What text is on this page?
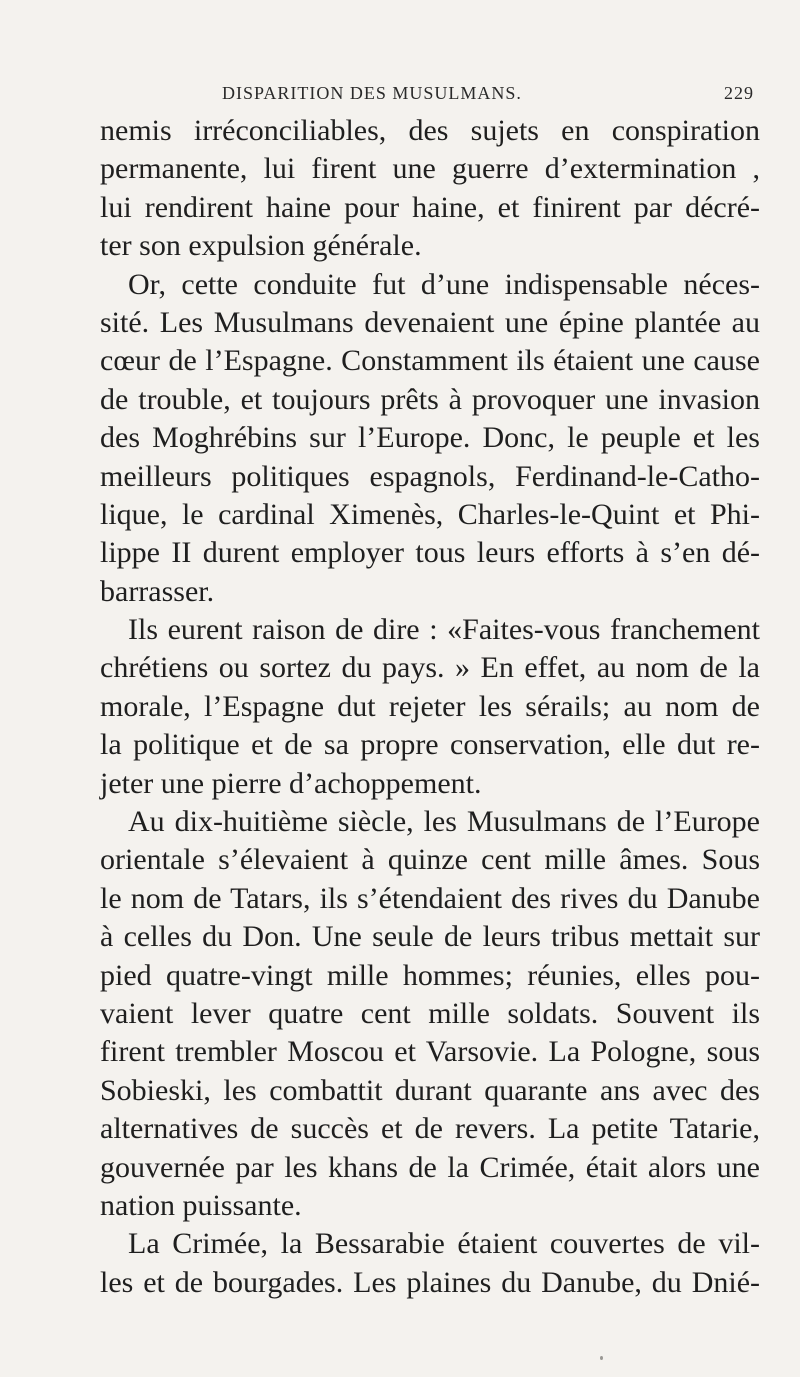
DISPARITION DES MUSULMANS.	229
nemis irréconciliables, des sujets en conspiration
permanente, lui firent une guerre d’extermination ,
lui rendirent haine pour haine, et finirent par décré-
ter son expulsion générale.
Or, cette conduite fut d’une indispensable néces-
sité. Les Musulmans devenaient une épine plantée au
cœur de l’Espagne. Constamment ils étaient une cause
de trouble, et toujours prêts à provoquer une invasion
des Moghrébins sur l’Europe. Donc, le peuple et les
meilleurs politiques espagnols, Ferdinand-le-Catho-
lique, le cardinal Ximenès, Charles-le-Quint et Phi-
lippe II durent employer tous leurs efforts à s’en dé-
barrasser.
Ils eurent raison de dire : «Faites-vous franchement
chrétiens ou sortez du pays. » En effet, au nom de la
morale, l’Espagne dut rejeter les sérails; au nom de
la politique et de sa propre conservation, elle dut re-
jeter une pierre d’achoppement.
Au dix-huitième siècle, les Musulmans de l’Europe
orientale s’élevaient à quinze cent mille âmes. Sous
le nom de Tatars, ils s’étendaient des rives du Danube
à celles du Don. Une seule de leurs tribus mettait sur
pied quatre-vingt mille hommes; réunies, elles pou-
vaient lever quatre cent mille soldats. Souvent ils
firent trembler Moscou et Varsovie. La Pologne, sous
Sobieski, les combattit durant quarante ans avec des
alternatives de succès et de revers. La petite Tatarie,
gouvernée par les khans de la Crimée, était alors une
nation puissante.
La Crimée, la Bessarabie étaient couvertes de vil-
les et de bourgades. Les plaines du Danube, du Dnié-
